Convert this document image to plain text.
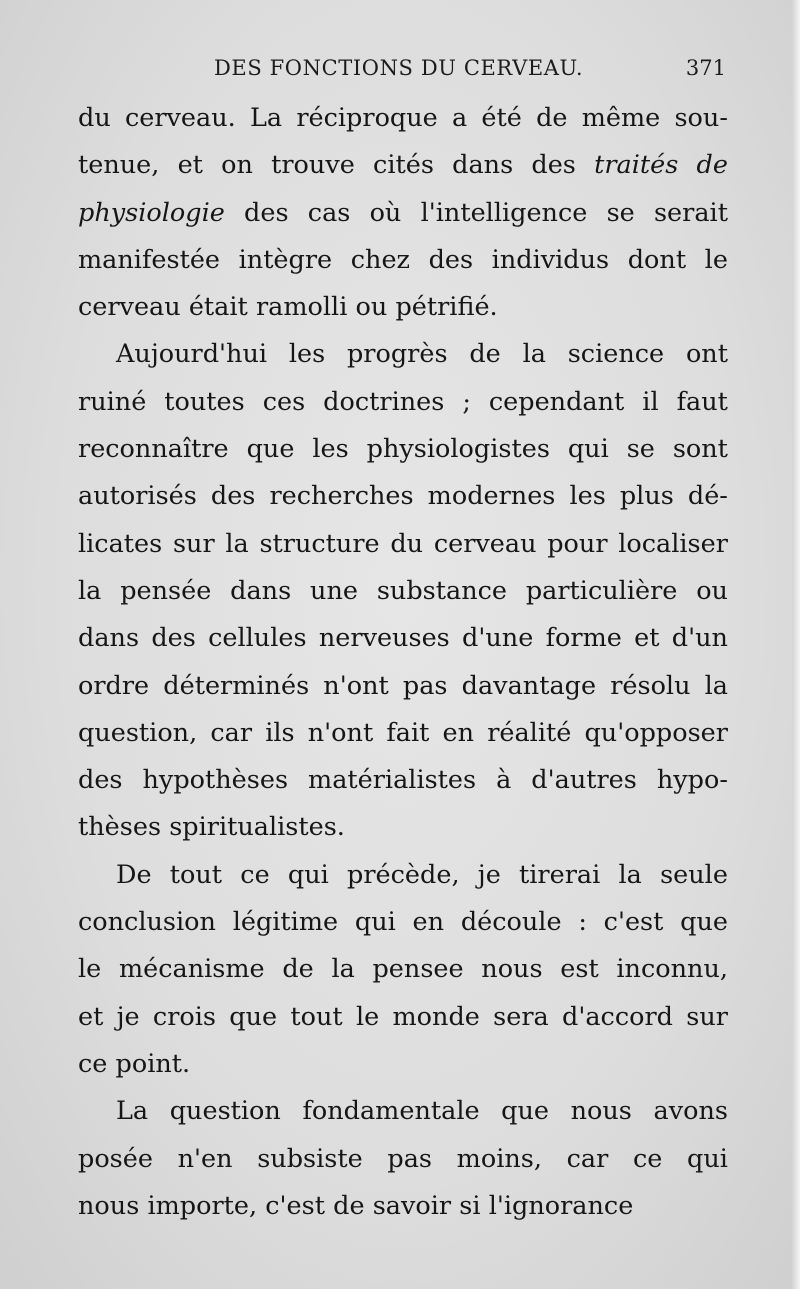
DES FONCTIONS DU CERVEAU.	371
du cerveau. La réciproque a été de même sou-
tenue, et on trouve cités dans des traités de
physiologie des cas où l'intelligence se serait
manifestée intègre chez des individus dont le
cerveau était ramolli ou pétrifié.
Aujourd'hui les progrès de la science ont
ruiné toutes ces doctrines ; cependant il faut
reconnaître que les physiologistes qui se sont
autorisés des recherches modernes les plus dé-
licates sur la structure du cerveau pour localiser
la pensée dans une substance particulière ou
dans des cellules nerveuses d'une forme et d'un
ordre déterminés n'ont pas davantage résolu la
question, car ils n'ont fait en réalité qu'opposer
des hypothèses matérialistes à d'autres hypo-
thèses spiritualistes.
De tout ce qui précède, je tirerai la seule
conclusion légitime qui en découle : c'est que
le mécanisme de la pensee nous est inconnu,
et je crois que tout le monde sera d'accord sur
ce point.
La question fondamentale que nous avons
posée n'en subsiste pas moins, car ce qui
nous importe, c'est de savoir si l'ignorance
